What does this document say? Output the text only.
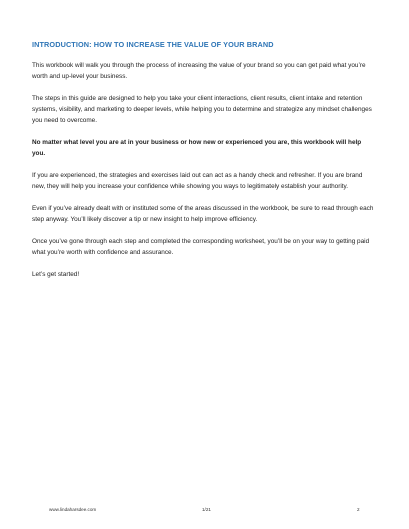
INTRODUCTION: HOW TO INCREASE THE VALUE OF YOUR BRAND

This workbook will walk you through the process of increasing the value of your brand so you can get paid what you’re worth and up-level your business.

The steps in this guide are designed to help you take your client interactions, client results, client intake and retention systems, visibility, and marketing to deeper levels, while helping you to determine and strategize any mindset challenges you need to overcome.

No matter what level you are at in your business or how new or experienced you are, this workbook will help you.

If you are experienced, the strategies and exercises laid out can act as a handy check and refresher. If you are brand new, they will help you increase your confidence while showing you ways to legitimately establish your authority.

Even if you’ve already dealt with or instituted some of the areas discussed in the workbook, be sure to read through each step anyway. You’ll likely discover a tip or new insight to help improve efficiency.

Once you’ve gone through each step and completed the corresponding worksheet, you’ll be on your way to getting paid what you’re worth with confidence and assurance.

Let’s get started!

www.lindaharsdee.com	1/21	2
